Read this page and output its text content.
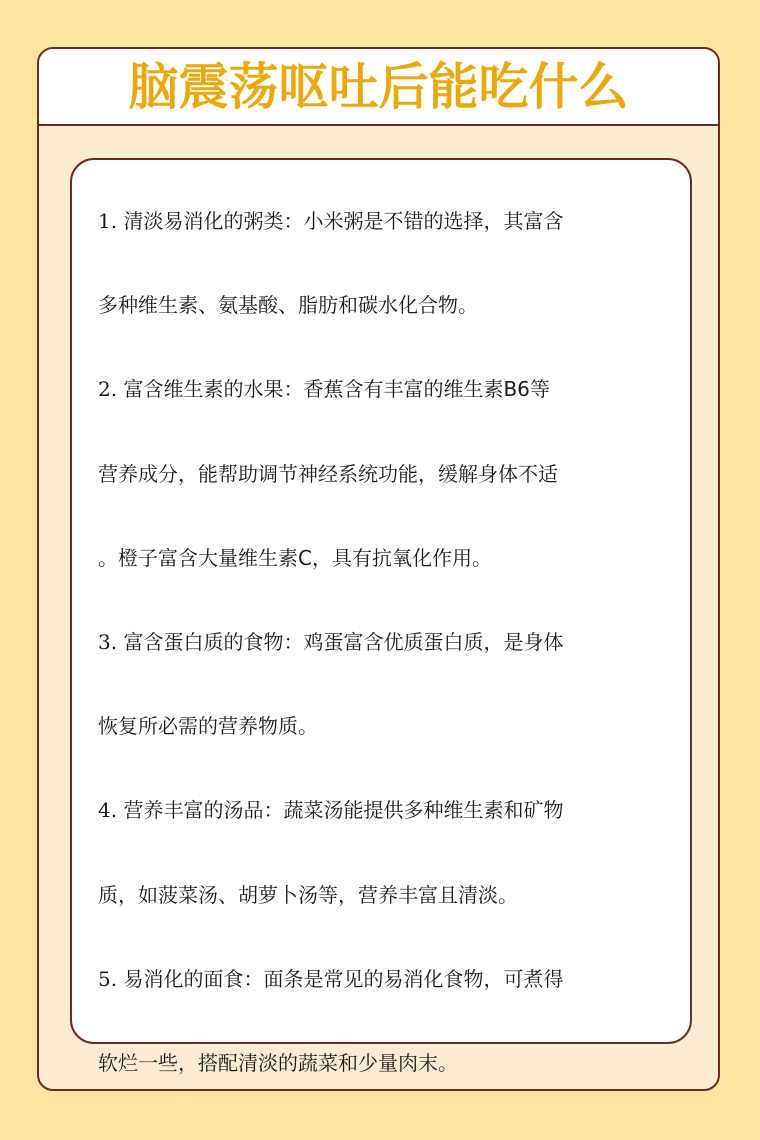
脑震荡呕吐后能吃什么
1. 清淡易消化的粥类：小米粥是不错的选择，其富含
多种维生素、氨基酸、脂肪和碳水化合物。
2. 富含维生素的水果：香蕉含有丰富的维生素B6等
营养成分，能帮助调节神经系统功能，缓解身体不适
。橙子富含大量维生素C，具有抗氧化作用。
3. 富含蛋白质的食物：鸡蛋富含优质蛋白质，是身体
恢复所必需的营养物质。
4. 营养丰富的汤品：蔬菜汤能提供多种维生素和矿物
质，如菠菜汤、胡萝卜汤等，营养丰富且清淡。
5. 易消化的面食：面条是常见的易消化食物，可煮得
软烂一些，搭配清淡的蔬菜和少量肉末。
